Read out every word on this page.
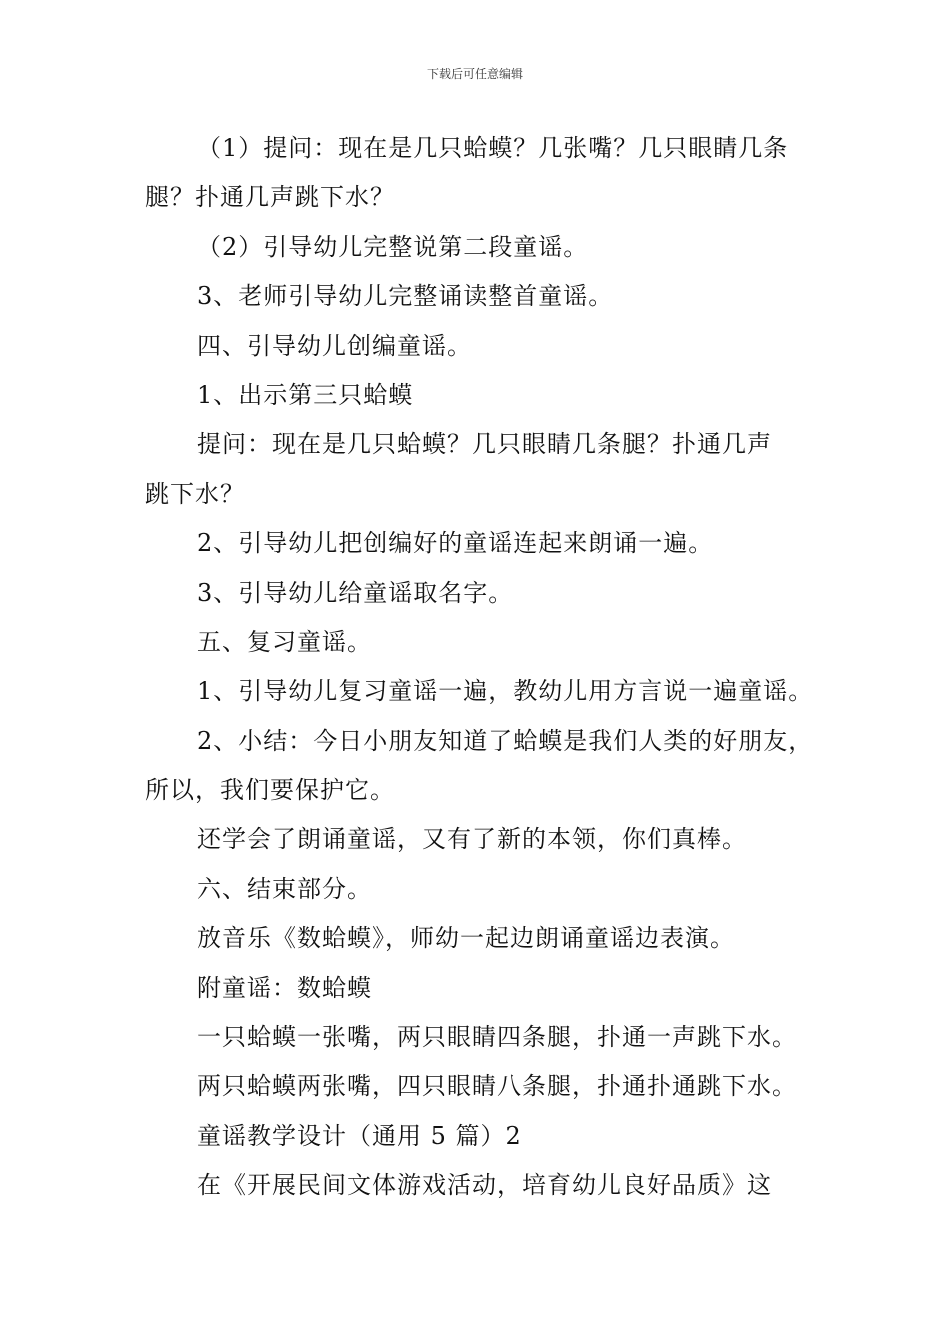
下载后可任意编辑
（1）提问：现在是几只蛤蟆？几张嘴？几只眼睛几条
腿？扑通几声跳下水？
（2）引导幼儿完整说第二段童谣。
3、老师引导幼儿完整诵读整首童谣。
四、引导幼儿创编童谣。
1、出示第三只蛤蟆
提问：现在是几只蛤蟆？几只眼睛几条腿？扑通几声
跳下水？
2、引导幼儿把创编好的童谣连起来朗诵一遍。
3、引导幼儿给童谣取名字。
五、复习童谣。
1、引导幼儿复习童谣一遍，教幼儿用方言说一遍童谣。
2、小结：今日小朋友知道了蛤蟆是我们人类的好朋友，
所以，我们要保护它。
还学会了朗诵童谣，又有了新的本领，你们真棒。
六、结束部分。
放音乐《数蛤蟆》，师幼一起边朗诵童谣边表演。
附童谣：数蛤蟆
一只蛤蟆一张嘴，两只眼睛四条腿，扑通一声跳下水。
两只蛤蟆两张嘴，四只眼睛八条腿，扑通扑通跳下水。
童谣教学设计（通用 5 篇）2
在《开展民间文体游戏活动，培育幼儿良好品质》这
